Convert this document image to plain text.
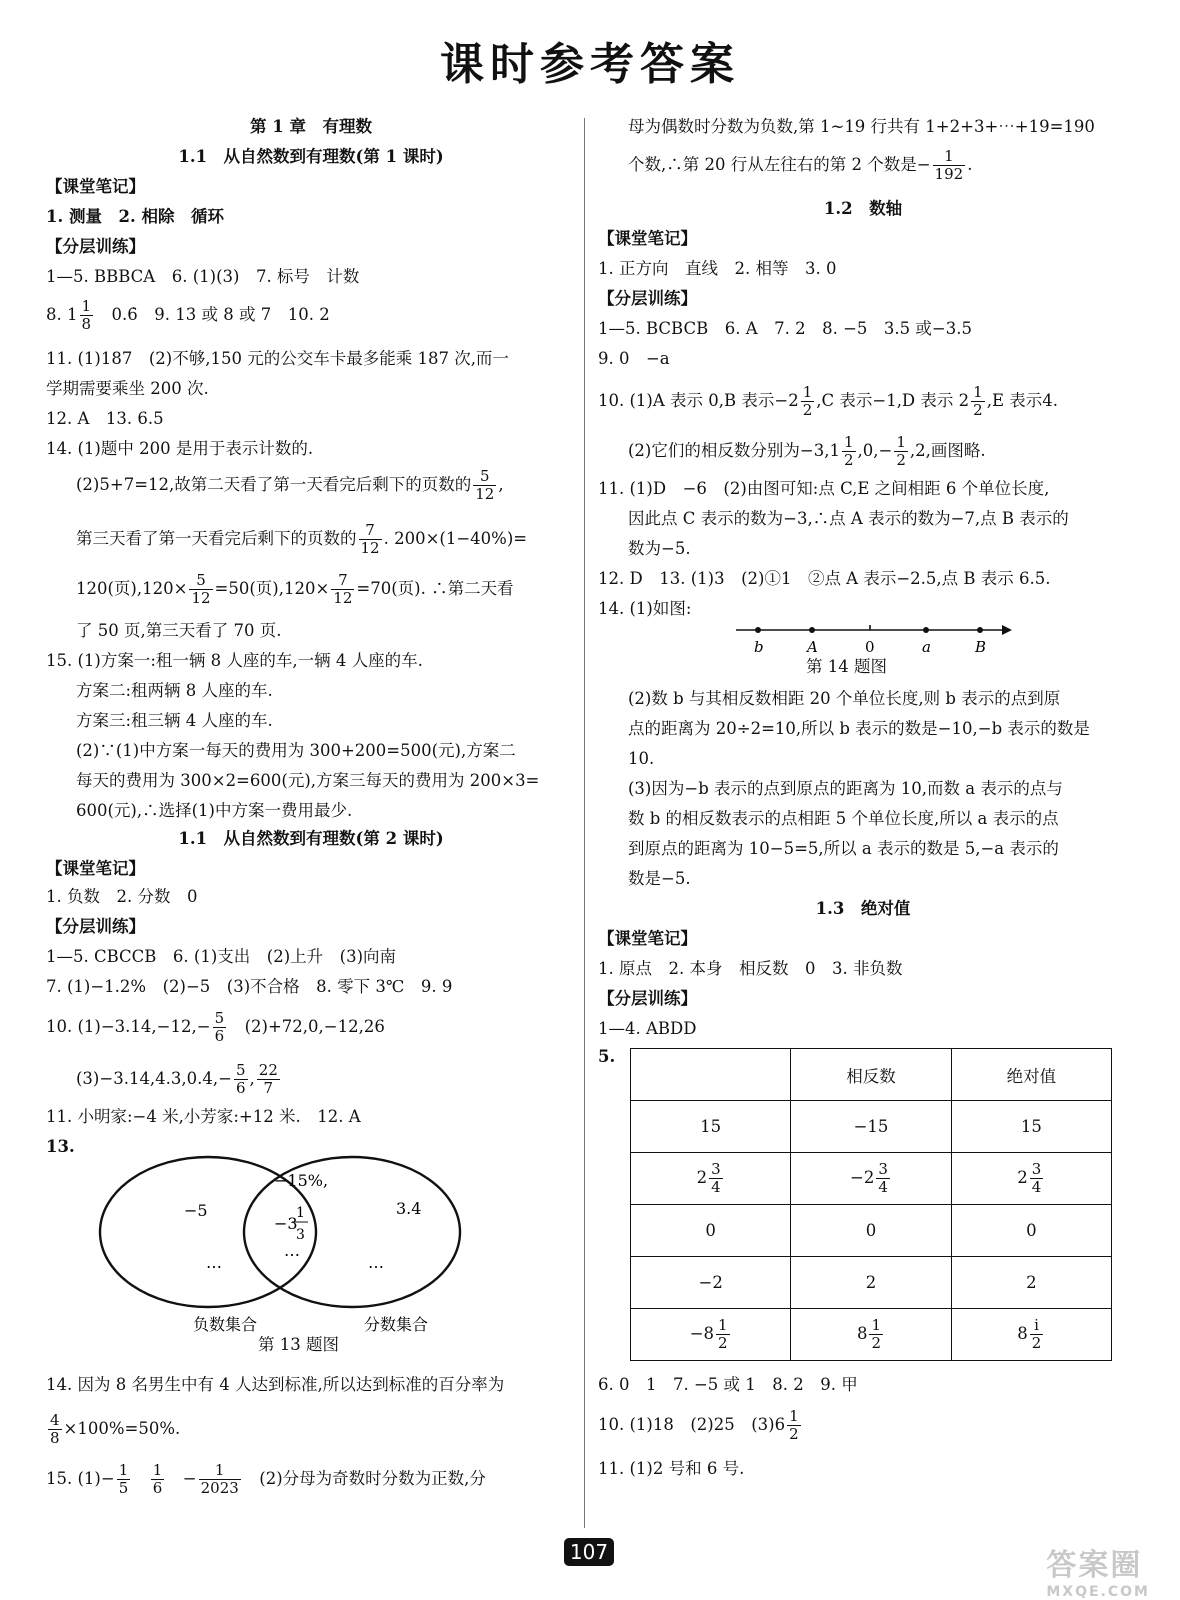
课时参考答案
第 1 章　有理数
1.1　从自然数到有理数(第 1 课时)
【课堂笔记】
1. 测量　2. 相除　循环
【分层训练】
1—5. BBBCA　6. (1)(3)　7. 标号　计数
8. $1 \frac{1}{8}$ 　0.6̇　9. 13 或 8 或 7　10. 2
11. (1)187　(2)不够,150 元的公交车卡最多能乘 187 次,而一
学期需要乘坐 200 次.
12. A　13. 6.5
14. (1)题中 200 是用于表示计数的.
(2)5+7=12,故第二天看了第一天看完后剩下的页数的 $\frac{5}{12}$ ,
第三天看了第一天看完后剩下的页数的 $\frac{7}{12}$ . 200×(1−40%)=
120(页)$,120\times \frac{5}{12} =50$(页)$,120\times \frac{7}{12} =70$(页). ∴第二天看
了 50 页,第三天看了 70 页.
15. (1)方案一:租一辆 8 人座的车,一辆 4 人座的车.
方案二:租两辆 8 人座的车.
方案三:租三辆 4 人座的车.
(2)∵(1)中方案一每天的费用为 300+200=500(元),方案二
每天的费用为 300×2=600(元),方案三每天的费用为 200×3=
600(元),∴选择(1)中方案一费用最少.
1.1　从自然数到有理数(第 2 课时)
【课堂笔记】
1. 负数　2. 分数　0
【分层训练】
1—5. CBCCB　6. (1)支出　(2)上升　(3)向南
7. (1)−1.2%　(2)−5　(3)不合格　8. 零下 3℃　9. 9
10. $(1)-3.14,-12,- \frac{5}{6}$ 　(2)+72,0,−12,26
(3)−3.14,4.3,0.4̇,− $\frac{5}{6}$ , $\frac{22}{7}$
11. 小明家:−4 米,小芳家:+12 米.　12. A
13.
−5
−15%,
−3
1
3
3.4
…
…
…
负数集合	分数集合
第 13 题图
14. 因为 8 名男生中有 4 人达到标准,所以达到标准的百分率为
$\frac{4}{8} \times 100\%=50\%$.
15. $(1)- \frac{1}{5}$
　 $\frac{1}{6}$
　 − $\frac{1}{2023}$
　 (2)分母为奇数时分数为正数,分
母为偶数时分数为负数,第 1~19 行共有 1+2+3+⋯+19=190
个数,∴第 20 行从左往右的第 2 个数是− $\frac{1}{192}$ .
1.2　数轴
【课堂笔记】
1. 正方向　直线　2. 相等　3. 0
【分层训练】
1—5. BCBCB　6. A　7. 2　8. −5　3.5 或−3.5
9. 0　−a
10. (1)A 表示 0,B 表示$-2 \frac{1}{2} ,C$ 表示−1,D 表示 $2 \frac{1}{2} ,E$ 表示4.
(2)它们的相反数分别为$-3,1 \frac{1}{2} ,0,- \frac{1}{2} ,2$,画图略.
11. (1)D　−6　(2)由图可知:点 C,E 之间相距 6 个单位长度,
因此点 C 表示的数为−3,∴点 A 表示的数为−7,点 B 表示的
数为−5.
12. D　13. (1)3　(2)①1　②点 A 表示−2.5,点 B 表示 6.5.
14. (1)如图:
b	A	0	a	B
第 14 题图
(2)数 b 与其相反数相距 20 个单位长度,则 b 表示的点到原
点的距离为 20÷2=10,所以 b 表示的数是−10,−b 表示的数是
10.
(3)因为−b 表示的点到原点的距离为 10,而数 a 表示的点与
数 b 的相反数表示的点相距 5 个单位长度,所以 a 表示的点
到原点的距离为 10−5=5,所以 a 表示的数是 5,−a 表示的
数是−5.
1.3　绝对值
【课堂笔记】
1. 原点　2. 本身　相反数　0　3. 非负数
【分层训练】
1—4. ABDD
5.
	相反数	绝对值
15	−15	15
$2 \frac{3}{4}$	$-2 \frac{3}{4}$	$2 \frac{3}{4}$

0	0	0
−2	2	2
$-8 \frac{1}{2}$	$8 \frac{1}{2}$	$8 \frac{i}{2}$
6. 0　1　7. −5 或 1　8. 2　9. 甲
10. (1)18　(2)25　$(3)6 \frac{1}{2}$
11. (1)2 号和 6 号.
107	答案圈
MXQE.COM
